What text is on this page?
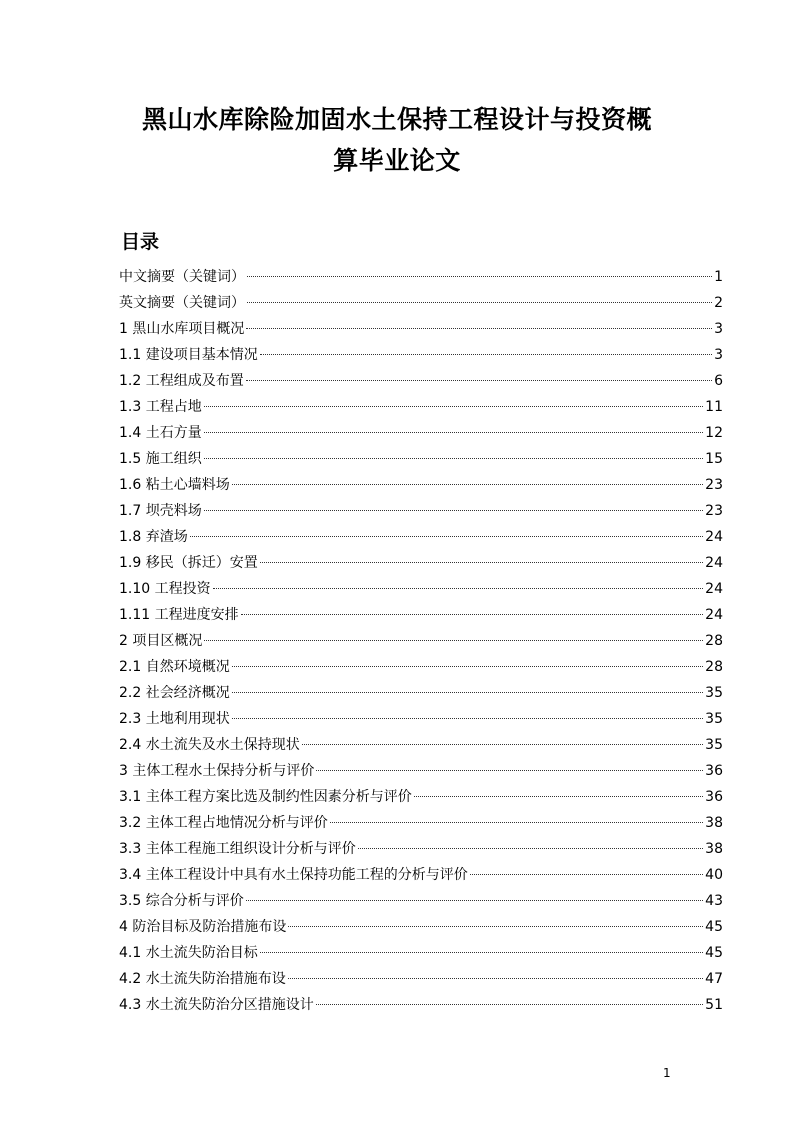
黑山水库除险加固水土保持工程设计与投资概
算毕业论文
目录
中文摘要（关键词）	1
英文摘要（关键词）	2
1 黑山水库项目概况	3
1.1 建设项目基本情况	3
1.2 工程组成及布置	6
1.3 工程占地	11
1.4 土石方量	12
1.5 施工组织	15
1.6 粘土心墙料场	23
1.7 坝壳料场	23
1.8 弃渣场	24
1.9 移民（拆迁）安置	24
1.10 工程投资	24
1.11 工程进度安排	24
2 项目区概况	28
2.1 自然环境概况	28
2.2 社会经济概况	35
2.3 土地利用现状	35
2.4 水土流失及水土保持现状	35
3 主体工程水土保持分析与评价	36
3.1 主体工程方案比选及制约性因素分析与评价	36
3.2 主体工程占地情况分析与评价	38
3.3 主体工程施工组织设计分析与评价	38
3.4 主体工程设计中具有水土保持功能工程的分析与评价	40
3.5 综合分析与评价	43
4 防治目标及防治措施布设	45
4.1 水土流失防治目标	45
4.2 水土流失防治措施布设	47
4.3 水土流失防治分区措施设计	51
1
